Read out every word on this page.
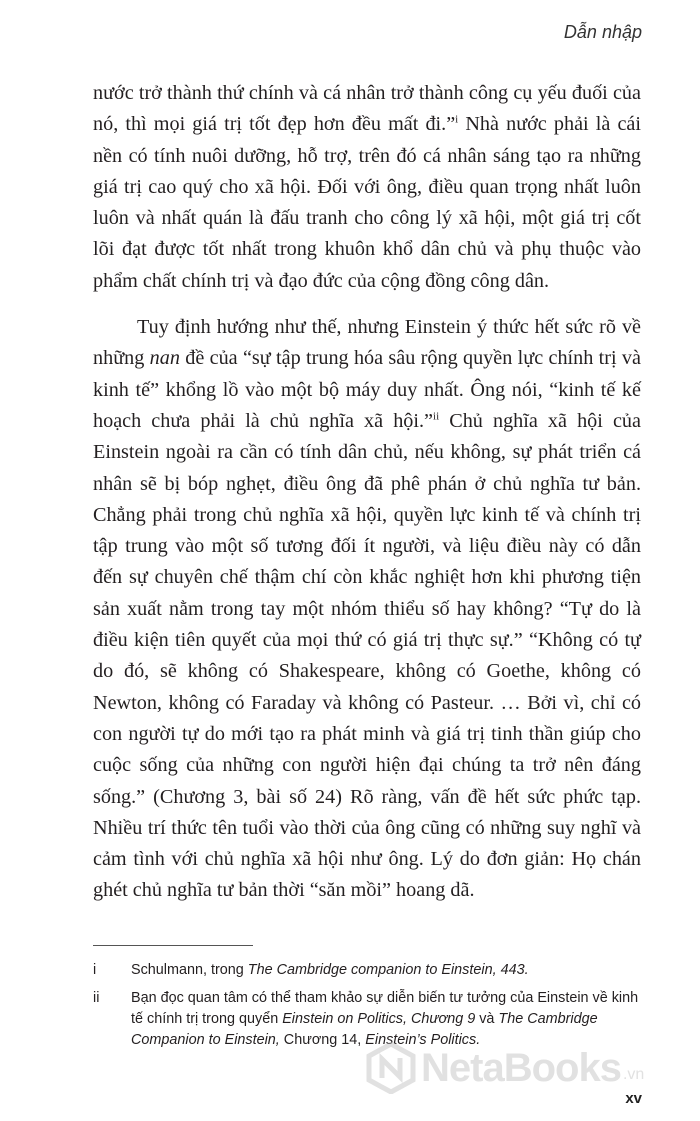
Dẫn nhập

nước trở thành thứ chính và cá nhân trở thành công cụ yếu đuối của nó, thì mọi giá trị tốt đẹp hơn đều mất đi.”$^i$ Nhà nước phải là cái nền có tính nuôi dưỡng, hỗ trợ, trên đó cá nhân sáng tạo ra những giá trị cao quý cho xã hội. Đối với ông, điều quan trọng nhất luôn luôn và nhất quán là đấu tranh cho công lý xã hội, một giá trị cốt lõi đạt được tốt nhất trong khuôn khổ dân chủ và phụ thuộc vào phẩm chất chính trị và đạo đức của cộng đồng công dân.

Tuy định hướng như thế, nhưng Einstein ý thức hết sức rõ về những nan đề của “sự tập trung hóa sâu rộng quyền lực chính trị và kinh tế” khổng lồ vào một bộ máy duy nhất. Ông nói, “kinh tế kế hoạch chưa phải là chủ nghĩa xã hội.”$^{ii}$ Chủ nghĩa xã hội của Einstein ngoài ra cần có tính dân chủ, nếu không, sự phát triển cá nhân sẽ bị bóp nghẹt, điều ông đã phê phán ở chủ nghĩa tư bản. Chẳng phải trong chủ nghĩa xã hội, quyền lực kinh tế và chính trị tập trung vào một số tương đối ít người, và liệu điều này có dẫn đến sự chuyên chế thậm chí còn khắc nghiệt hơn khi phương tiện sản xuất nằm trong tay một nhóm thiểu số hay không? “Tự do là điều kiện tiên quyết của mọi thứ có giá trị thực sự.” “Không có tự do đó, sẽ không có Shakespeare, không có Goethe, không có Newton, không có Faraday và không có Pasteur. … Bởi vì, chỉ có con người tự do mới tạo ra phát minh và giá trị tinh thần giúp cho cuộc sống của những con người hiện đại chúng ta trở nên đáng sống.” (Chương 3, bài số 24) Rõ ràng, vấn đề hết sức phức tạp. Nhiều trí thức tên tuổi vào thời của ông cũng có những suy nghĩ và cảm tình với chủ nghĩa xã hội như ông. Lý do đơn giản: Họ chán ghét chủ nghĩa tư bản thời “săn mồi” hoang dã.

i	Schulmann, trong The Cambridge companion to Einstein, 443.
ii	Bạn đọc quan tâm có thể tham khảo sự diễn biến tư tưởng của Einstein về kinh tế chính trị trong quyển Einstein on Politics, Chương 9 và The Cambridge Companion to Einstein, Chương 14, Einstein’s Politics.
NetaBooks .vn
xv
